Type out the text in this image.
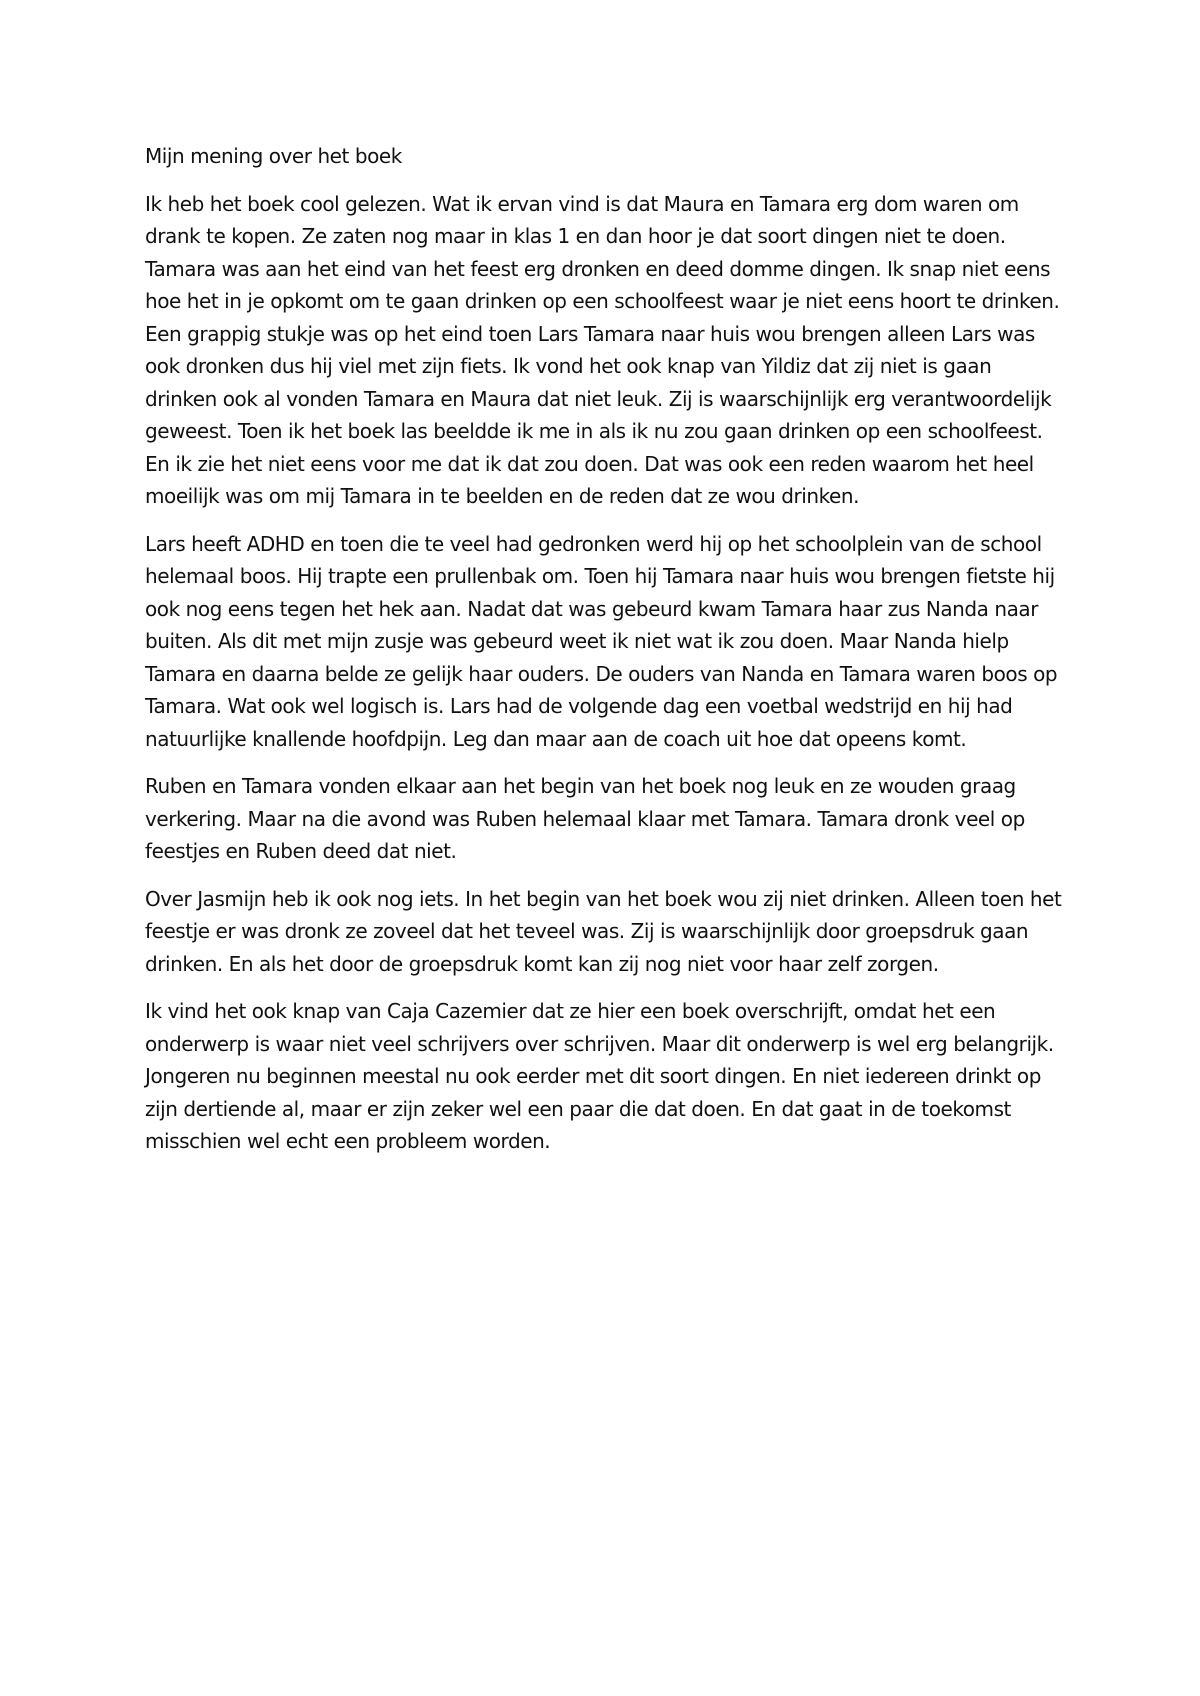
Mijn mening over het boek

Ik heb het boek cool gelezen. Wat ik ervan vind is dat Maura en Tamara erg dom waren om drank te kopen. Ze zaten nog maar in klas 1 en dan hoor je dat soort dingen niet te doen. Tamara was aan het eind van het feest erg dronken en deed domme dingen. Ik snap niet eens hoe het in je opkomt om te gaan drinken op een schoolfeest waar je niet eens hoort te drinken. Een grappig stukje was op het eind toen Lars Tamara naar huis wou brengen alleen Lars was ook dronken dus hij viel met zijn fiets. Ik vond het ook knap van Yildiz dat zij niet is gaan drinken ook al vonden Tamara en Maura dat niet leuk. Zij is waarschijnlijk erg verantwoordelijk geweest. Toen ik het boek las beeldde ik me in als ik nu zou gaan drinken op een schoolfeest. En ik zie het niet eens voor me dat ik dat zou doen. Dat was ook een reden waarom het heel moeilijk was om mij Tamara in te beelden en de reden dat ze wou drinken.

Lars heeft ADHD en toen die te veel had gedronken werd hij op het schoolplein van de school helemaal boos. Hij trapte een prullenbak om. Toen hij Tamara naar huis wou brengen fietste hij ook nog eens tegen het hek aan. Nadat dat was gebeurd kwam Tamara haar zus Nanda naar buiten. Als dit met mijn zusje was gebeurd weet ik niet wat ik zou doen. Maar Nanda hielp Tamara en daarna belde ze gelijk haar ouders. De ouders van Nanda en Tamara waren boos op Tamara. Wat ook wel logisch is. Lars had de volgende dag een voetbal wedstrijd en hij had natuurlijke knallende hoofdpijn. Leg dan maar aan de coach uit hoe dat opeens komt.

Ruben en Tamara vonden elkaar aan het begin van het boek nog leuk en ze wouden graag verkering. Maar na die avond was Ruben helemaal klaar met Tamara. Tamara dronk veel op feestjes en Ruben deed dat niet.

Over Jasmijn heb ik ook nog iets. In het begin van het boek wou zij niet drinken. Alleen toen het feestje er was dronk ze zoveel dat het teveel was. Zij is waarschijnlijk door groepsdruk gaan drinken. En als het door de groepsdruk komt kan zij nog niet voor haar zelf zorgen.

Ik vind het ook knap van Caja Cazemier dat ze hier een boek overschrijft, omdat het een onderwerp is waar niet veel schrijvers over schrijven. Maar dit onderwerp is wel erg belangrijk. Jongeren nu beginnen meestal nu ook eerder met dit soort dingen. En niet iedereen drinkt op zijn dertiende al, maar er zijn zeker wel een paar die dat doen. En dat gaat in de toekomst misschien wel echt een probleem worden.
